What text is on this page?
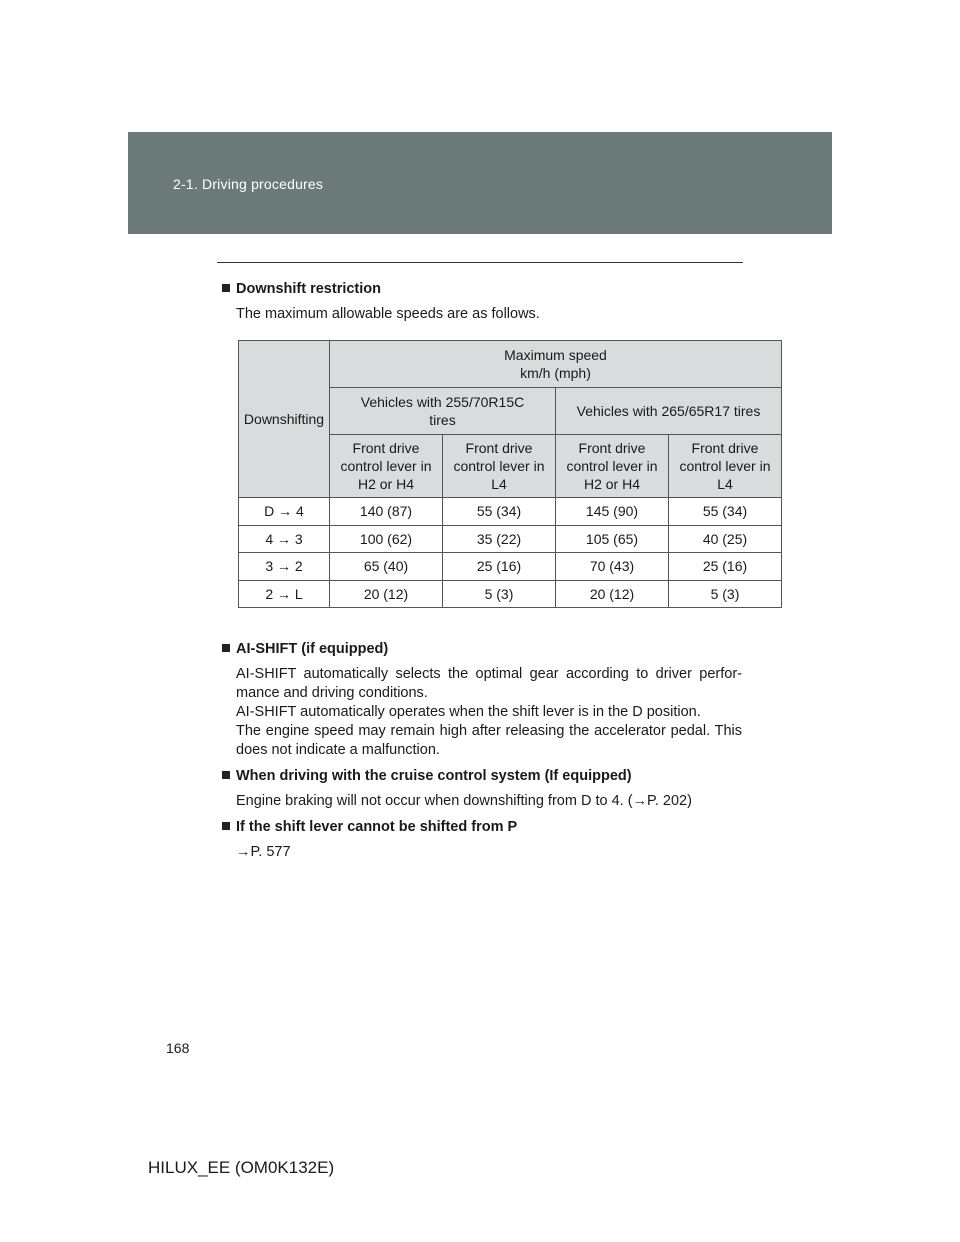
2-1. Driving procedures

Downshift restriction

The maximum allowable speeds are as follows.

Downshifting	Maximum speed
km/h (mph)			
	Vehicles with 255/70R15C tires		Vehicles with 265/65R17 tires	
	Front drive control lever in H2 or H4	Front drive control lever in L4	Front drive control lever in H2 or H4	Front drive control lever in L4
D → 4	140 (87)	55 (34)	145 (90)	55 (34)
4 → 3	100 (62)	35 (22)	105 (65)	40 (25)
3 → 2	65 (40)	25 (16)	70 (43)	25 (16)
2 → L	20 (12)	5 (3)	20 (12)	5 (3)

AI-SHIFT (if equipped)

AI-SHIFT automatically selects the optimal gear according to driver perfor-mance and driving conditions.

AI-SHIFT automatically operates when the shift lever is in the D position.

The engine speed may remain high after releasing the accelerator pedal. This does not indicate a malfunction.

When driving with the cruise control system (If equipped)

Engine braking will not occur when downshifting from D to 4. (→P. 202)

If the shift lever cannot be shifted from P

→P. 577

168
HILUX_EE (OM0K132E)
